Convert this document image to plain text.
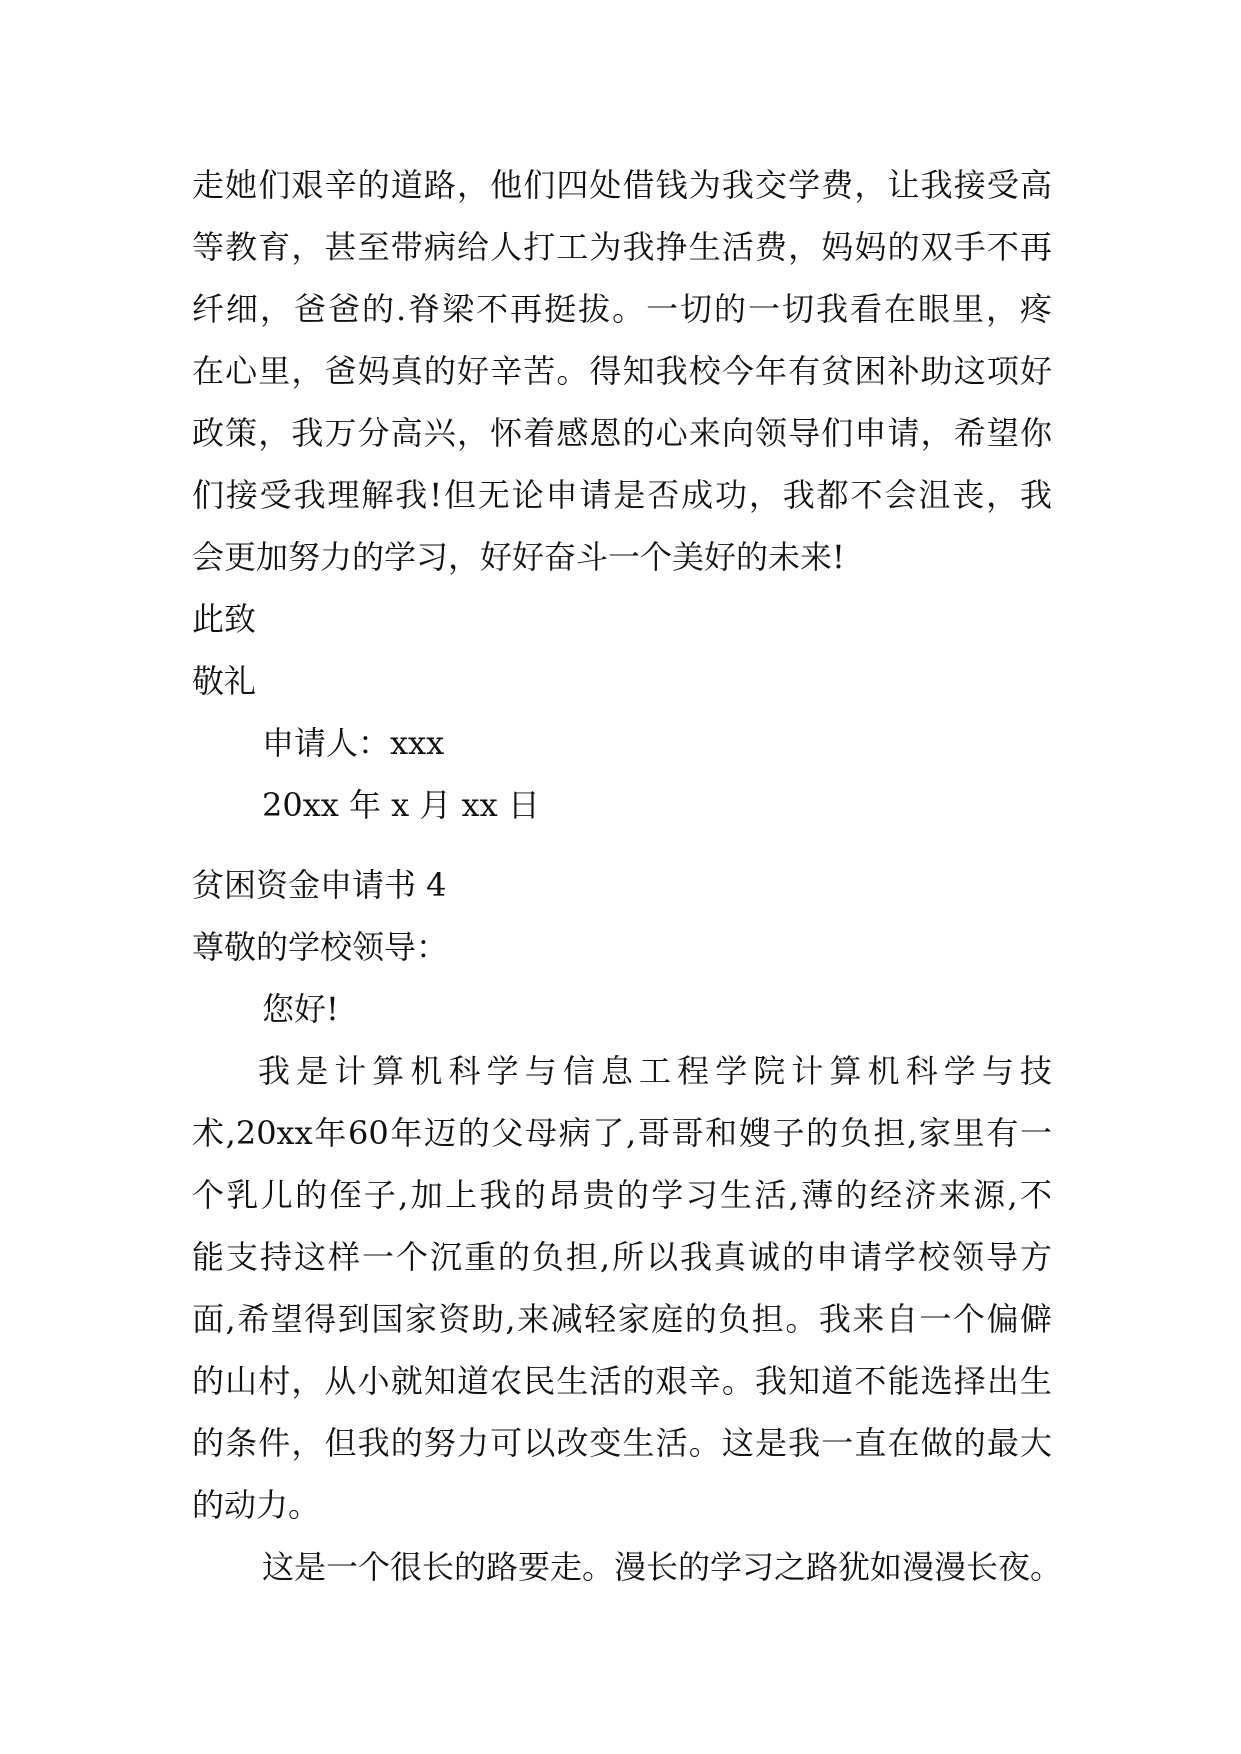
走她们艰辛的道路，他们四处借钱为我交学费，让我接受高
等教育，甚至带病给人打工为我挣生活费，妈妈的双手不再
纤细，爸爸的.脊梁不再挺拔。一切的一切我看在眼里，疼
在心里，爸妈真的好辛苦。得知我校今年有贫困补助这项好
政策，我万分高兴，怀着感恩的心来向领导们申请，希望你
们接受我理解我!但无论申请是否成功，我都不会沮丧，我
会更加努力的学习，好好奋斗一个美好的未来!
此致
敬礼
申请人：xxx
20xx 年 x 月 xx 日
贫困资金申请书 4
尊敬的学校领导：
您好!
我是计算机科学与信息工程学院计算机科学与技
术,20xx年60年迈的父母病了,哥哥和嫂子的负担,家里有一
个乳儿的侄子,加上我的昂贵的学习生活,薄的经济来源,不
能支持这样一个沉重的负担,所以我真诚的申请学校领导方
面,希望得到国家资助,来减轻家庭的负担。我来自一个偏僻
的山村，从小就知道农民生活的艰辛。我知道不能选择出生
的条件，但我的努力可以改变生活。这是我一直在做的最大
的动力。
这是一个很长的路要走。漫长的学习之路犹如漫漫长夜。
